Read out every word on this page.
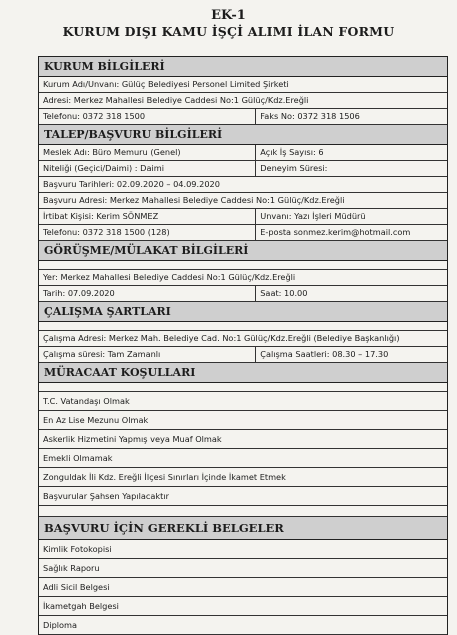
EK-1
KURUM DIŞI KAMU İŞÇİ ALIMI İLAN FORMU
KURUM BİLGİLERİ
Kurum Adı/Unvanı: Gülüç Belediyesi Personel Limited Şirketi
Adresi: Merkez Mahallesi Belediye Caddesi No:1 Gülüç/Kdz.Ereğli
Telefonu: 0372 318 1500	Faks No: 0372 318 1506
TALEP/BAŞVURU BİLGİLERİ
Meslek Adı: Büro Memuru (Genel)	Açık İş Sayısı: 6
Niteliği (Geçici/Daimi) : Daimi	Deneyim Süresi:
Başvuru Tarihleri: 02.09.2020 – 04.09.2020
Başvuru Adresi: Merkez Mahallesi Belediye Caddesi No:1 Gülüç/Kdz.Ereğli
İrtibat Kişisi: Kerim SÖNMEZ	Unvanı: Yazı İşleri Müdürü
Telefonu: 0372 318 1500 (128)	E-posta sonmez.kerim@hotmail.com
GÖRÜŞME/MÜLAKAT BİLGİLERİ
Yer: Merkez Mahallesi Belediye Caddesi No:1 Gülüç/Kdz.Ereğli
Tarih: 07.09.2020	Saat: 10.00
ÇALIŞMA ŞARTLARI
Çalışma Adresi: Merkez Mah. Belediye Cad. No:1 Gülüç/Kdz.Ereğli (Belediye Başkanlığı)
Çalışma süresi: Tam Zamanlı	Çalışma Saatleri: 08.30 – 17.30
MÜRACAAT KOŞULLARI
T.C. Vatandaşı Olmak
En Az Lise Mezunu Olmak
Askerlik Hizmetini Yapmış veya Muaf Olmak
Emekli Olmamak
Zonguldak İli Kdz. Ereğli İlçesi Sınırları İçinde İkamet Etmek
Başvurular Şahsen Yapılacaktır
BAŞVURU İÇİN GEREKLİ BELGELER
Kimlik Fotokopisi
Sağlık Raporu
Adli Sicil Belgesi
İkametgah Belgesi
Diploma
